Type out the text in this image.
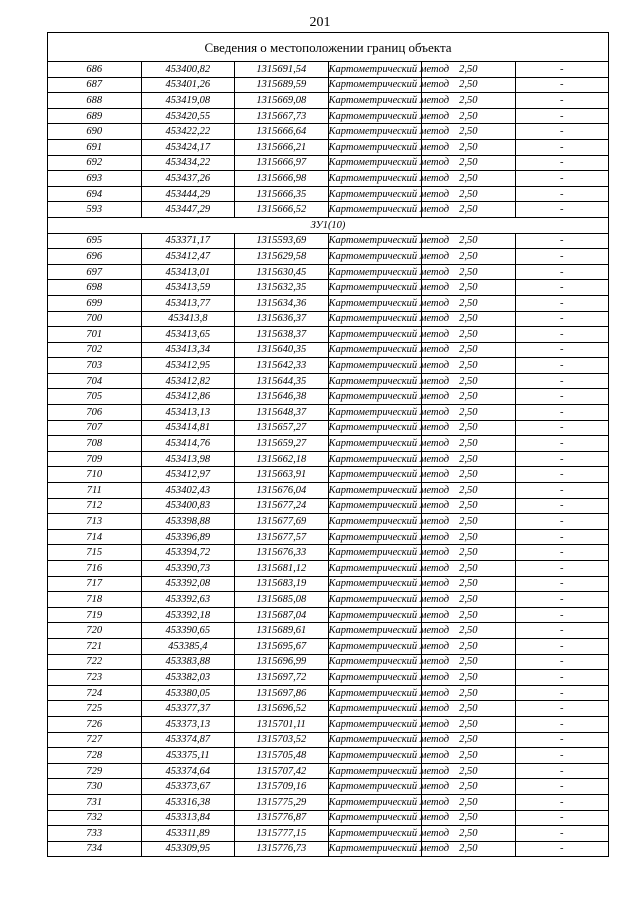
201
Сведения о местоположении границ объекта					
686	453400,82	1315691,54	Картометрический метод	2,50	-
687	453401,26	1315689,59	Картометрический метод	2,50	-
688	453419,08	1315669,08	Картометрический метод	2,50	-
689	453420,55	1315667,73	Картометрический метод	2,50	-
690	453422,22	1315666,64	Картометрический метод	2,50	-
691	453424,17	1315666,21	Картометрический метод	2,50	-
692	453434,22	1315666,97	Картометрический метод	2,50	-
693	453437,26	1315666,98	Картометрический метод	2,50	-
694	453444,29	1315666,35	Картометрический метод	2,50	-
593	453447,29	1315666,52	Картометрический метод	2,50	-
ЗУ1(10)					
695	453371,17	1315593,69	Картометрический метод	2,50	-
696	453412,47	1315629,58	Картометрический метод	2,50	-
697	453413,01	1315630,45	Картометрический метод	2,50	-
698	453413,59	1315632,35	Картометрический метод	2,50	-
699	453413,77	1315634,36	Картометрический метод	2,50	-
700	453413,8	1315636,37	Картометрический метод	2,50	-
701	453413,65	1315638,37	Картометрический метод	2,50	-
702	453413,34	1315640,35	Картометрический метод	2,50	-
703	453412,95	1315642,33	Картометрический метод	2,50	-
704	453412,82	1315644,35	Картометрический метод	2,50	-
705	453412,86	1315646,38	Картометрический метод	2,50	-
706	453413,13	1315648,37	Картометрический метод	2,50	-
707	453414,81	1315657,27	Картометрический метод	2,50	-
708	453414,76	1315659,27	Картометрический метод	2,50	-
709	453413,98	1315662,18	Картометрический метод	2,50	-
710	453412,97	1315663,91	Картометрический метод	2,50	-
711	453402,43	1315676,04	Картометрический метод	2,50	-
712	453400,83	1315677,24	Картометрический метод	2,50	-
713	453398,88	1315677,69	Картометрический метод	2,50	-
714	453396,89	1315677,57	Картометрический метод	2,50	-
715	453394,72	1315676,33	Картометрический метод	2,50	-
716	453390,73	1315681,12	Картометрический метод	2,50	-
717	453392,08	1315683,19	Картометрический метод	2,50	-
718	453392,63	1315685,08	Картометрический метод	2,50	-
719	453392,18	1315687,04	Картометрический метод	2,50	-
720	453390,65	1315689,61	Картометрический метод	2,50	-
721	453385,4	1315695,67	Картометрический метод	2,50	-
722	453383,88	1315696,99	Картометрический метод	2,50	-
723	453382,03	1315697,72	Картометрический метод	2,50	-
724	453380,05	1315697,86	Картометрический метод	2,50	-
725	453377,37	1315696,52	Картометрический метод	2,50	-
726	453373,13	1315701,11	Картометрический метод	2,50	-
727	453374,87	1315703,52	Картометрический метод	2,50	-
728	453375,11	1315705,48	Картометрический метод	2,50	-
729	453374,64	1315707,42	Картометрический метод	2,50	-
730	453373,67	1315709,16	Картометрический метод	2,50	-
731	453316,38	1315775,29	Картометрический метод	2,50	-
732	453313,84	1315776,87	Картометрический метод	2,50	-
733	453311,89	1315777,15	Картометрический метод	2,50	-
734	453309,95	1315776,73	Картометрический метод	2,50	-
